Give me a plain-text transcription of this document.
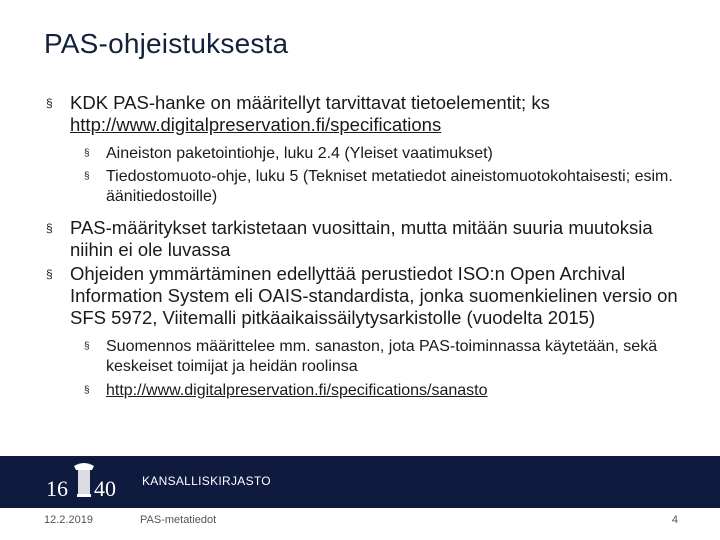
PAS-ohjeistuksesta
§ KDK PAS-hanke on määritellyt tarvittavat tietoelementit; ks http://www.digitalpreservation.fi/specifications
§ Aineiston paketointiohje, luku 2.4 (Yleiset vaatimukset)
§ Tiedostomuoto-ohje, luku 5 (Tekniset metatiedot aineistomuotokohtaisesti; esim. äänitiedostoille)
§ PAS-määritykset tarkistetaan vuosittain, mutta mitään suuria muutoksia niihin ei ole luvassa
§ Ohjeiden ymmärtäminen edellyttää perustiedot ISO:n Open Archival Information System eli OAIS-standardista, jonka suomenkielinen versio on SFS 5972, Viitemalli pitkäaikaissäilytysarkistolle (vuodelta 2015)
§ Suomennos määrittelee mm. sanaston, jota PAS-toiminnassa käytetään, sekä keskeiset toimijat ja heidän roolinsa
§ http://www.digitalpreservation.fi/specifications/sanasto
16 40 KANSALLISKIRJASTO
12.2.2019	PAS-metatiedot	4
